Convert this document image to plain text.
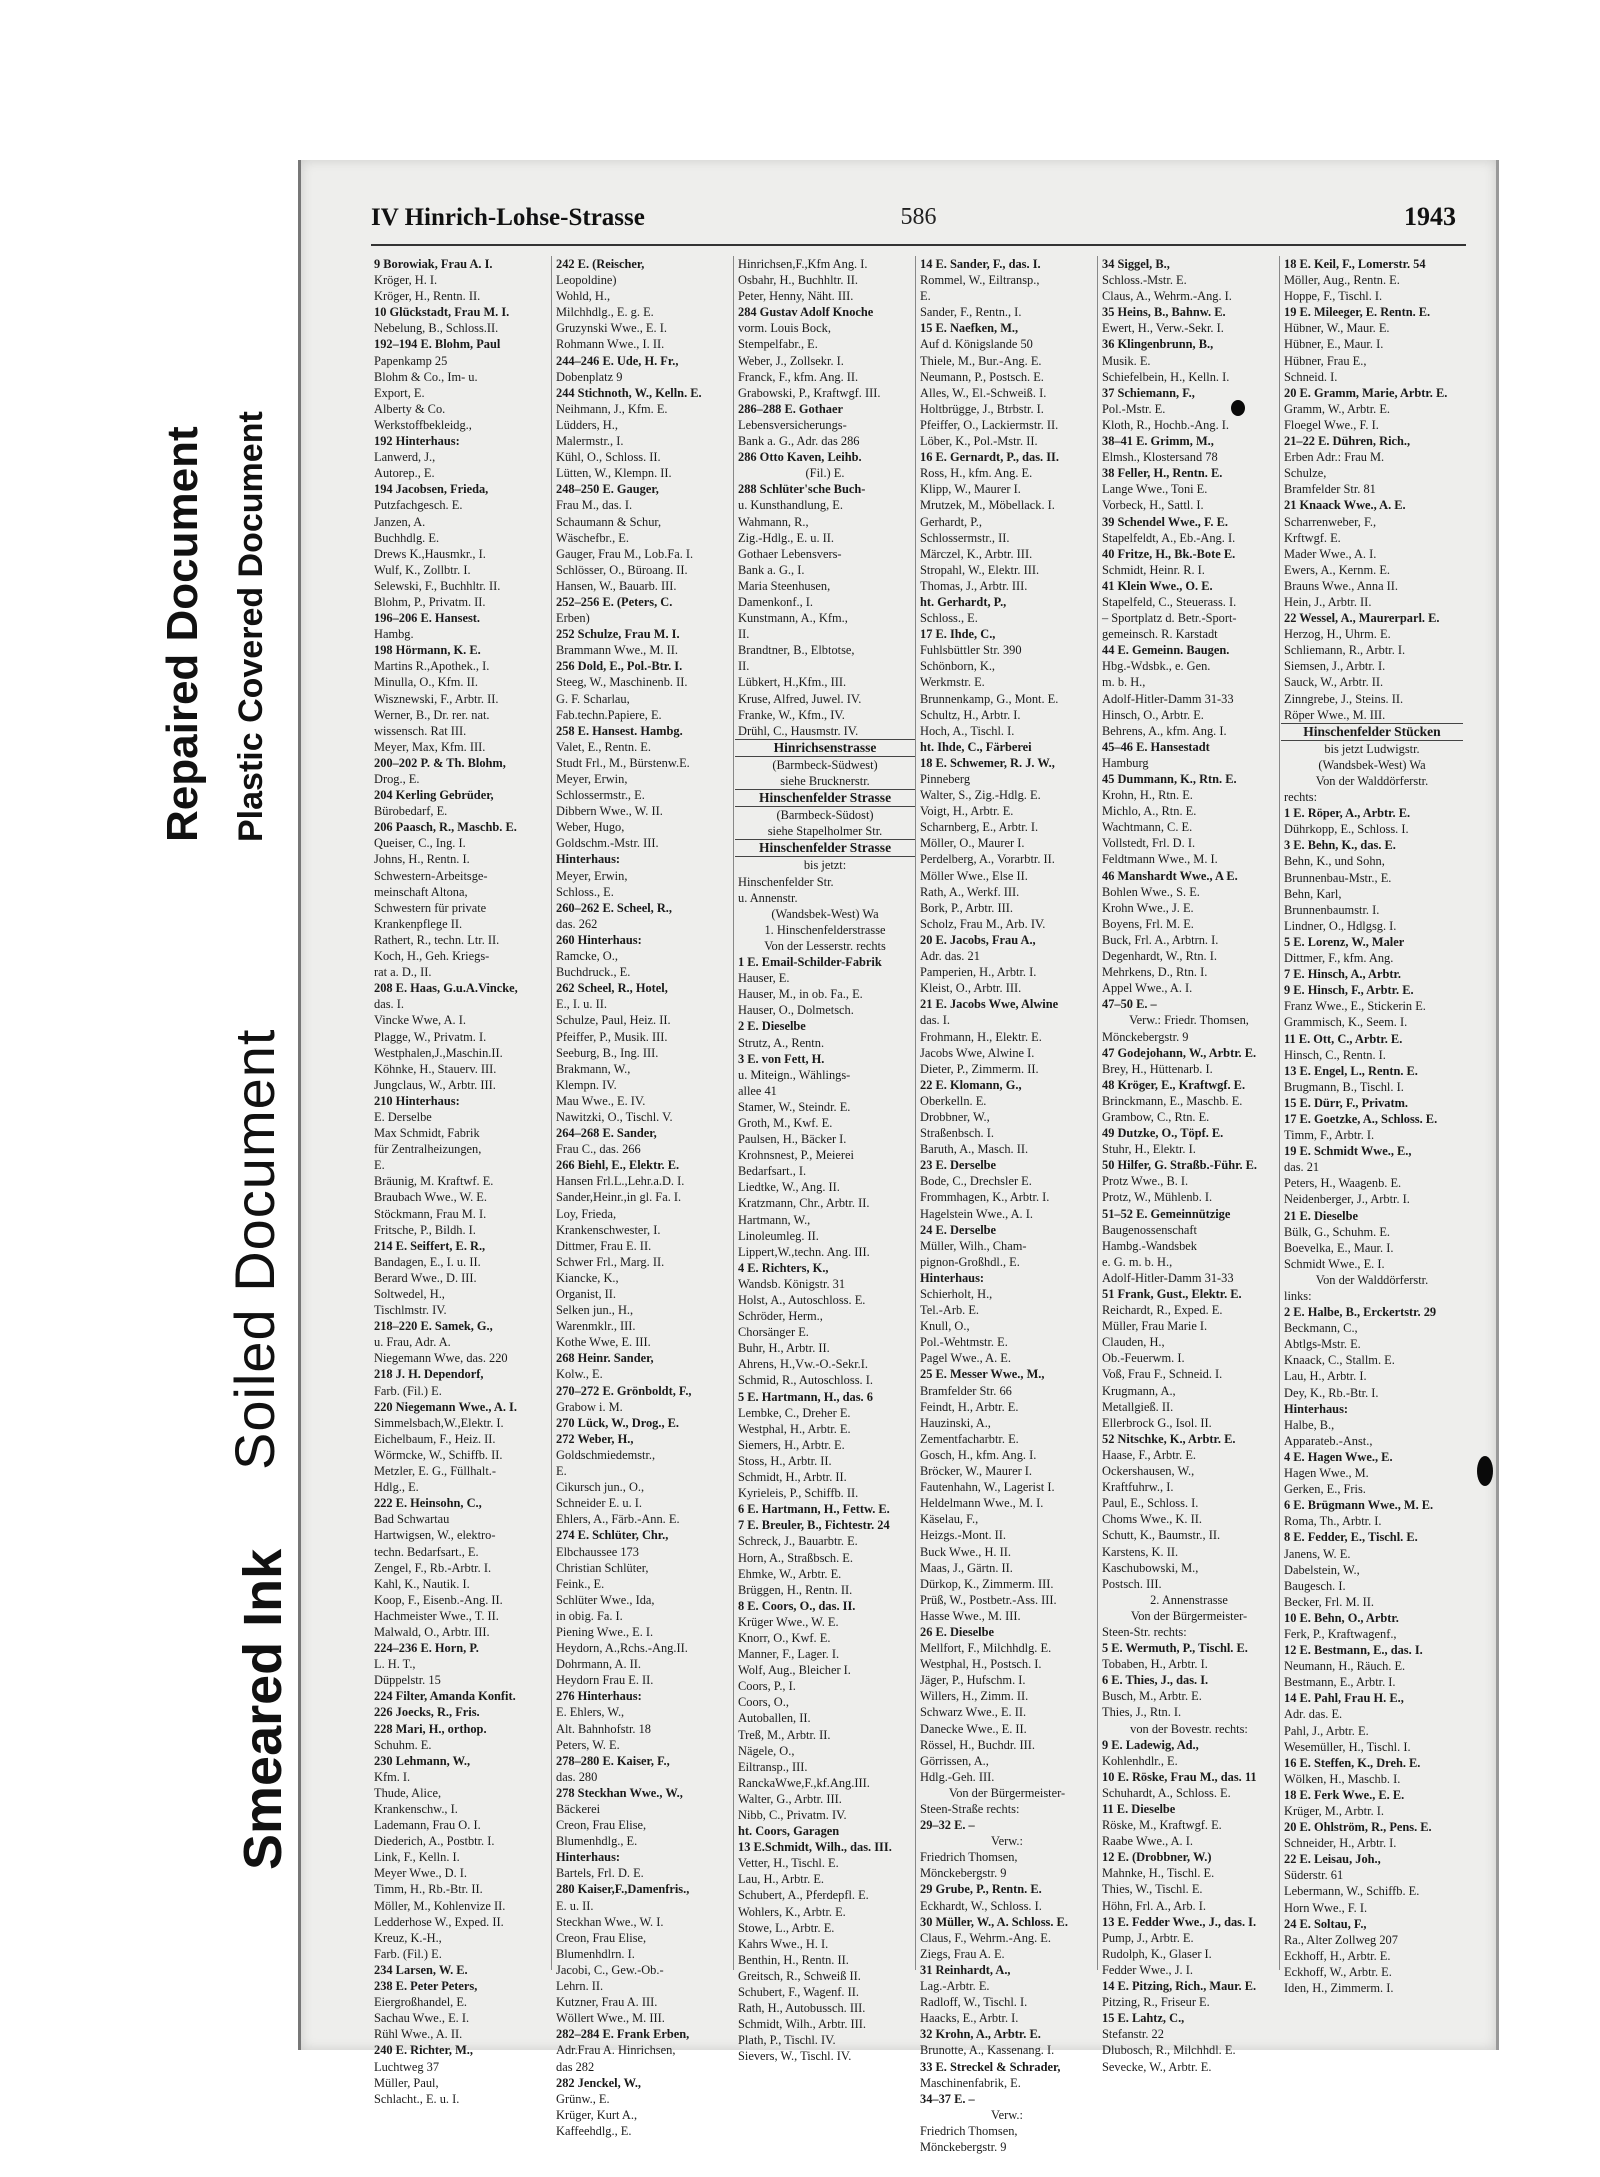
Repaired Document Plastic Covered Document
Soiled Document
Smeared Ink
IV Hinrich-Lohse-Strasse	586	1943
9 Borowiak, Frau A. I.
Kröger, H. I.
Kröger, H., Rentn. II.
10 Glückstadt, Frau M. I.
Nebelung, B., Schloss.II.
192–194 E. Blohm, Paul
Papenkamp 25
Blohm & Co., Im- u.
Export, E.
Alberty & Co.
Werkstoffbekleidg.,
192 Hinterhaus:
Lanwerd, J.,
Autorep., E.
194 Jacobsen, Frieda,
Putzfachgesch. E.
Janzen, A.
Buchhdlg. E.
Drews K.,Hausmkr., I.
Wulf, K., Zollbtr. I.
Selewski, F., Buchhltr. II.
Blohm, P., Privatm. II.
196–206 E. Hansest.
Hambg.
198 Hörmann, K. E.
Martins R.,Apothek., I.
Minulla, O., Kfm. II.
Wisznewski, F., Arbtr. II.
Werner, B., Dr. rer. nat.
wissensch. Rat III.
Meyer, Max, Kfm. III.
200–202 P. & Th. Blohm,
Drog., E.
204 Kerling Gebrüder,
Bürobedarf, E.
206 Paasch, R., Maschb. E.
Queiser, C., Ing. I.
Johns, H., Rentn. I.
Schwestern-Arbeitsge-
meinschaft Altona,
Schwestern für private
Krankenpflege II.
Rathert, R., techn. Ltr. II.
Koch, H., Geh. Kriegs-
rat a. D., II.
208 E. Haas, G.u.A.Vincke,
das. I.
Vincke Wwe, A. I.
Plagge, W., Privatm. I.
Westphalen,J.,Maschin.II.
Köhnke, H., Stauerv. III.
Jungclaus, W., Arbtr. III.
210 Hinterhaus:
E. Derselbe
Max Schmidt, Fabrik
für Zentralheizungen,
E.
Bräunig, M. Kraftwf. E.
Braubach Wwe., W. E.
Stöckmann, Frau M. I.
Fritsche, P., Bildh. I.
214 E. Seiffert, E. R.,
Bandagen, E., I. u. II.
Berard Wwe., D. III.
Soltwedel, H.,
Tischlmstr. IV.
218–220 E. Samek, G.,
u. Frau, Adr. A.
Niegemann Wwe, das. 220
218 J. H. Dependorf,
Farb. (Fil.) E.
220 Niegemann Wwe., A. I.
Simmelsbach,W.,Elektr. I.
Eichelbaum, F., Heiz. II.
Wörmcke, W., Schiffb. II.
Metzler, E. G., Füllhalt.-
Hdlg., E.
222 E. Heinsohn, C.,
Bad Schwartau
Hartwigsen, W., elektro-
techn. Bedarfsart., E.
Zengel, F., Rb.-Arbtr. I.
Kahl, K., Nautik. I.
Koop, F., Eisenb.-Ang. II.
Hachmeister Wwe., T. II.
Malwald, O., Arbtr. III.
224–236 E. Horn, P.
L. H. T.,
Düppelstr. 15
224 Filter, Amanda Konfit.
226 Joecks, R., Fris.
228 Mari, H., orthop.
Schuhm. E.
230 Lehmann, W.,
Kfm. I.
Thude, Alice,
Krankenschw., I.
Lademann, Frau O. I.
Diederich, A., Postbtr. I.
Link, F., Kelln. I.
Meyer Wwe., D. I.
Timm, H., Rb.-Btr. II.
Möller, M., Kohlenvize II.
Ledderhose W., Exped. II.
Kreuz, K.-H.,
Farb. (Fil.) E.
234 Larsen, W. E.
238 E. Peter Peters,
Eiergroßhandel, E.
Sachau Wwe., E. I.
Rühl Wwe., A. II.
240 E. Richter, M.,
Luchtweg 37
Müller, Paul,
Schlacht., E. u. I.
242 E. (Reischer,
Leopoldine)
Wohld, H.,
Milchhdlg., E. g. E.
Gruzynski Wwe., E. I.
Rohmann Wwe., I. II.
244–246 E. Ude, H. Fr.,
Dobenplatz 9
244 Stichnoth, W., Kelln. E.
Neihmann, J., Kfm. E.
Lüdders, H.,
Malermstr., I.
Kühl, O., Schloss. II.
Lütten, W., Klempn. II.
248–250 E. Gauger,
Frau M., das. I.
Schaumann & Schur,
Wäschefbr., E.
Gauger, Frau M., Lob.Fa. I.
Schlösser, O., Büroang. II.
Hansen, W., Bauarb. III.
252–256 E. (Peters, C.
Erben)
252 Schulze, Frau M. I.
Brammann Wwe., M. II.
256 Dold, E., Pol.-Btr. I.
Steeg, W., Maschinenb. II.
G. F. Scharlau,
Fab.techn.Papiere, E.
258 E. Hansest. Hambg.
Valet, E., Rentn. E.
Studt Frl., M., Bürstenw.E.
Meyer, Erwin,
Schlossermstr., E.
Dibbern Wwe., W. II.
Weber, Hugo,
Goldschm.-Mstr. III.
Hinterhaus:
Meyer, Erwin,
Schloss., E.
260–262 E. Scheel, R.,
das. 262
260 Hinterhaus:
Ramcke, O.,
Buchdruck., E.
262 Scheel, R., Hotel,
E., I. u. II.
Schulze, Paul, Heiz. II.
Pfeiffer, P., Musik. III.
Seeburg, B., Ing. III.
Brakmann, W.,
Klempn. IV.
Mau Wwe., E. IV.
Nawitzki, O., Tischl. V.
264–268 E. Sander,
Frau C., das. 266
266 Biehl, E., Elektr. E.
Hansen Frl.L.,Lehr.a.D. I.
Sander,Heinr.,in gl. Fa. I.
Loy, Frieda,
Krankenschwester, I.
Dittmer, Frau E. II.
Schwer Frl., Marg. II.
Kiancke, K.,
Organist, II.
Selken jun., H.,
Warenmklr., III.
Kothe Wwe, E. III.
268 Heinr. Sander,
Kolw., E.
270–272 E. Grönboldt, F.,
Grabow i. M.
270 Lück, W., Drog., E.
272 Weber, H.,
Goldschmiedemstr.,
E.
Cikursch jun., O.,
Schneider E. u. I.
Ehlers, A., Färb.-Ann. E.
274 E. Schlüter, Chr.,
Elbchaussee 173
Christian Schlüter,
Feink., E.
Schlüter Wwe., Ida,
in obig. Fa. I.
Piening Wwe., E. I.
Heydorn, A.,Rchs.-Ang.II.
Dohrmann, A. II.
Heydorn Frau E. II.
276 Hinterhaus:
E. Ehlers, W.,
Alt. Bahnhofstr. 18
Peters, W. E.
278–280 E. Kaiser, F.,
das. 280
278 Steckhan Wwe., W.,
Bäckerei
Creon, Frau Elise,
Blumenhdlg., E.
Hinterhaus:
Bartels, Frl. D. E.
280 Kaiser,F.,Damenfris.,
E. u. II.
Steckhan Wwe., W. I.
Creon, Frau Elise,
Blumenhdlrn. I.
Jacobi, C., Gew.-Ob.-
Lehrn. II.
Kutzner, Frau A. III.
Wöllert Wwe., M. III.
282–284 E. Frank Erben,
Adr.Frau A. Hinrichsen,
das 282
282 Jenckel, W.,
Grünw., E.
Krüger, Kurt A.,
Kaffeehdlg., E.
Hinrichsen,F.,Kfm Ang. I.
Osbahr, H., Buchhltr. II.
Peter, Henny, Näht. III.
284 Gustav Adolf Knoche
vorm. Louis Bock,
Stempelfabr., E.
Weber, J., Zollsekr. I.
Franck, F., kfm. Ang. II.
Grabowski, P., Kraftwgf. III.
286–288 E. Gothaer
Lebensversicherungs-
Bank a. G., Adr. das 286
286 Otto Kaven, Leihb.
(Fil.) E.
288 Schlüter'sche Buch-
u. Kunsthandlung, E.
Wahmann, R.,
Zig.-Hdlg., E. u. II.
Gothaer Lebensvers-
Bank a. G., I.
Maria Steenhusen,
Damenkonf., I.
Kunstmann, A., Kfm.,
II.
Brandtner, B., Elbtotse,
II.
Lübkert, H.,Kfm., III.
Kruse, Alfred, Juwel. IV.
Franke, W., Kfm., IV.
Drühl, C., Hausmstr. IV.
Hinrichsenstrasse
(Barmbeck-Südwest)
siehe Brucknerstr.
Hinschenfelder Strasse
(Barmbeck-Südost)
siehe Stapelholmer Str.
Hinschenfelder Strasse
bis jetzt:
Hinschenfelder Str.
u. Annenstr.
(Wandsbek-West) Wa
1. Hinschenfelderstrasse
Von der Lesserstr. rechts
1 E. Email-Schilder-Fabrik
Hauser, E.
Hauser, M., in ob. Fa., E.
Hauser, O., Dolmetsch.
2 E. Dieselbe
Strutz, A., Rentn.
3 E. von Fett, H.
u. Miteign., Wählings-
allee 41
Stamer, W., Steindr. E.
Groth, M., Kwf. E.
Paulsen, H., Bäcker I.
Krohnsnest, P., Meierei
Bedarfsart., I.
Liedtke, W., Ang. II.
Kratzmann, Chr., Arbtr. II.
Hartmann, W.,
Linoleumleg. II.
Lippert,W.,techn. Ang. III.
4 E. Richters, K.,
Wandsb. Königstr. 31
Holst, A., Autoschloss. E.
Schröder, Herm.,
Chorsänger E.
Buhr, H., Arbtr. II.
Ahrens, H.,Vw.-O.-Sekr.I.
Schmid, R., Autoschloss. I.
5 E. Hartmann, H., das. 6
Lembke, C., Dreher E.
Westphal, H., Arbtr. E.
Siemers, H., Arbtr. E.
Stoss, H., Arbtr. II.
Schmidt, H., Arbtr. II.
Kyrieleis, P., Schiffb. II.
6 E. Hartmann, H., Fettw. E.
7 E. Breuler, B., Fichtestr. 24
Schreck, J., Bauarbtr. E.
Horn, A., Straßbsch. E.
Ehmke, W., Arbtr. E.
Brüggen, H., Rentn. II.
8 E. Coors, O., das. II.
Krüger Wwe., W. E.
Knorr, O., Kwf. E.
Manner, F., Lager. I.
Wolf, Aug., Bleicher I.
Coors, P., I.
Coors, O.,
Autoballen, II.
Treß, M., Arbtr. II.
Nägele, O.,
Eiltransp., III.
RanckaWwe,F.,kf.Ang.III.
Walter, G., Arbtr. III.
Nibb, C., Privatm. IV.
ht. Coors, Garagen
13 E.Schmidt, Wilh., das. III.
Vetter, H., Tischl. E.
Lau, H., Arbtr. E.
Schubert, A., Pferdepfl. E.
Wohlers, K., Arbtr. E.
Stowe, L., Arbtr. E.
Kahrs Wwe., H. I.
Benthin, H., Rentn. II.
Greitsch, R., Schweiß II.
Schubert, F., Wagenf. II.
Rath, H., Autobussch. III.
Schmidt, Wilh., Arbtr. III.
Plath, P., Tischl. IV.
Sievers, W., Tischl. IV.
14 E. Sander, F., das. I.
Rommel, W., Eiltransp.,
E.
Sander, F., Rentn., I.
15 E. Naefken, M.,
Auf d. Königslande 50
Thiele, M., Bur.-Ang. E.
Neumann, P., Postsch. E.
Alles, W., El.-Schweiß. I.
Holtbrügge, J., Btrbstr. I.
Pfeiffer, O., Lackiermstr. II.
Löber, K., Pol.-Mstr. II.
16 E. Gernardt, P., das. II.
Ross, H., kfm. Ang. E.
Klipp, W., Maurer I.
Mrutzek, M., Möbellack. I.
Gerhardt, P.,
Schlossermstr., II.
Märczel, K., Arbtr. III.
Stropahl, W., Elektr. III.
Thomas, J., Arbtr. III.
ht. Gerhardt, P.,
Schloss., E.
17 E. Ihde, C.,
Fuhlsbüttler Str. 390
Schönborn, K.,
Werkmstr. E.
Brunnenkamp, G., Mont. E.
Schultz, H., Arbtr. I.
Hoch, A., Tischl. I.
ht. Ihde, C., Färberei
18 E. Schwemer, R. J. W.,
Pinneberg
Walter, S., Zig.-Hdlg. E.
Voigt, H., Arbtr. E.
Scharnberg, E., Arbtr. I.
Möller, O., Maurer I.
Perdelberg, A., Vorarbtr. II.
Möller Wwe., Else II.
Rath, A., Werkf. III.
Bork, P., Arbtr. III.
Scholz, Frau M., Arb. IV.
20 E. Jacobs, Frau A.,
Adr. das. 21
Pamperien, H., Arbtr. I.
Kleist, O., Arbtr. III.
21 E. Jacobs Wwe, Alwine
das. I.
Frohmann, H., Elektr. E.
Jacobs Wwe, Alwine I.
Dieter, P., Zimmerm. II.
22 E. Klomann, G.,
Oberkelln. E.
Drobbner, W.,
Straßenbsch. I.
Baruth, A., Masch. II.
23 E. Derselbe
Bode, C., Drechsler E.
Frommhagen, K., Arbtr. I.
Hagelstein Wwe., A. I.
24 E. Derselbe
Müller, Wilh., Cham-
pignon-Großhdl., E.
Hinterhaus:
Schierholt, H.,
Tel.-Arb. E.
Knull, O.,
Pol.-Wehtmstr. E.
Pagel Wwe., A. E.
25 E. Messer Wwe., M.,
Bramfelder Str. 66
Feindt, H., Arbtr. E.
Hauzinski, A.,
Zementfacharbtr. E.
Gosch, H., kfm. Ang. I.
Bröcker, W., Maurer I.
Fautenhahn, W., Lagerist I.
Heldelmann Wwe., M. I.
Käselau, F.,
Heizgs.-Mont. II.
Buck Wwe., H. II.
Maas, J., Gärtn. II.
Dürkop, K., Zimmerm. III.
Prüß, W., Postbetr.-Ass. III.
Hasse Wwe., M. III.
26 E. Dieselbe
Mellfort, F., Milchhdlg. E.
Westphal, H., Postsch. I.
Jäger, P., Hufschm. I.
Willers, H., Zimm. II.
Schwarz Wwe., E. II.
Danecke Wwe., E. II.
Rössel, H., Buchdr. III.
Görrissen, A.,
Hdlg.-Geh. III.
Von der Bürgermeister-
Steen-Straße rechts:
29–32 E. –
Verw.:
Friedrich Thomsen,
Mönckebergstr. 9
29 Grube, P., Rentn. E.
Eckhardt, W., Schloss. I.
30 Müller, W., A. Schloss. E.
Claus, F., Wehrm.-Ang. E.
Ziegs, Frau A. E.
31 Reinhardt, A.,
Lag.-Arbtr. E.
Radloff, W., Tischl. I.
Haacks, E., Arbtr. I.
32 Krohn, A., Arbtr. E.
Brunotte, A., Kassenang. I.
33 E. Streckel & Schrader,
Maschinenfabrik, E.
34–37 E. –
Verw.:
Friedrich Thomsen,
Mönckebergstr. 9
34 Siggel, B.,
Schloss.-Mstr. E.
Claus, A., Wehrm.-Ang. I.
35 Heins, B., Bahnw. E.
Ewert, H., Verw.-Sekr. I.
36 Klingenbrunn, B.,
Musik. E.
Schiefelbein, H., Kelln. I.
37 Schiemann, F.,
Pol.-Mstr. E.
Kloth, R., Hochb.-Ang. I.
38–41 E. Grimm, M.,
Elmsh., Klostersand 78
38 Feller, H., Rentn. E.
Lange Wwe., Toni E.
Vorbeck, H., Sattl. I.
39 Schendel Wwe., F. E.
Stapelfeldt, A., Eb.-Ang. I.
40 Fritze, H., Bk.-Bote E.
Schmidt, Heinr. R. I.
41 Klein Wwe., O. E.
Stapelfeld, C., Steuerass. I.
– Sportplatz d. Betr.-Sport-
gemeinsch. R. Karstadt
44 E. Gemeinn. Baugen.
Hbg.-Wdsbk., e. Gen.
m. b. H.,
Adolf-Hitler-Damm 31-33
Hinsch, O., Arbtr. E.
Behrens, A., kfm. Ang. I.
45–46 E. Hansestadt
Hamburg
45 Dummann, K., Rtn. E.
Krohn, H., Rtn. E.
Michlo, A., Rtn. E.
Wachtmann, C. E.
Vollstedt, Frl. D. I.
Feldtmann Wwe., M. I.
46 Manshardt Wwe., A E.
Bohlen Wwe., S. E.
Krohn Wwe., J. E.
Boyens, Frl. M. E.
Buck, Frl. A., Arbtrn. I.
Degenhardt, W., Rtn. I.
Mehrkens, D., Rtn. I.
Appel Wwe., A. I.
47–50 E. –
Verw.: Friedr. Thomsen,
Mönckebergstr. 9
47 Godejohann, W., Arbtr. E.
Brey, H., Hüttenarb. I.
48 Kröger, E., Kraftwgf. E.
Brinckmann, E., Maschb. E.
Grambow, C., Rtn. E.
49 Dutzke, O., Töpf. E.
Stuhr, H., Elektr. I.
50 Hilfer, G. Straßb.-Führ. E.
Protz Wwe., B. I.
Protz, W., Mühlenb. I.
51–52 E. Gemeinnützige
Baugenossenschaft
Hambg.-Wandsbek
e. G. m. b. H.,
Adolf-Hitler-Damm 31-33
51 Frank, Gust., Elektr. E.
Reichardt, R., Exped. E.
Müller, Frau Marie I.
Clauden, H.,
Ob.-Feuerwm. I.
Voß, Frau F., Schneid. I.
Krugmann, A.,
Metallgieß. II.
Ellerbrock G., Isol. II.
52 Nitschke, K., Arbtr. E.
Haase, F., Arbtr. E.
Ockershausen, W.,
Kraftfuhrw., I.
Paul, E., Schloss. I.
Choms Wwe., K. II.
Schutt, K., Baumstr., II.
Karstens, K. II.
Kaschubowski, M.,
Postsch. III.
2. Annenstrasse
Von der Bürgermeister-
Steen-Str. rechts:
5 E. Wermuth, P., Tischl. E.
Tobaben, H., Arbtr. I.
6 E. Thies, J., das. I.
Busch, M., Arbtr. E.
Thies, J., Rtn. I.
von der Bovestr. rechts:
9 E. Ladewig, Ad.,
Kohlenhdlr., E.
10 E. Röske, Frau M., das. 11
Schuhardt, A., Schloss. E.
11 E. Dieselbe
Röske, M., Kraftwgf. E.
Raabe Wwe., A. I.
12 E. (Drobbner, W.)
Mahnke, H., Tischl. E.
Thies, W., Tischl. E.
Höhn, Frl. A., Arb. I.
13 E. Fedder Wwe., J., das. I.
Pump, J., Arbtr. E.
Rudolph, K., Glaser I.
Fedder Wwe., J. I.
14 E. Pitzing, Rich., Maur. E.
Pitzing, R., Friseur E.
15 E. Lahtz, C.,
Stefanstr. 22
Dlubosch, R., Milchhdl. E.
Sevecke, W., Arbtr. E.
18 E. Keil, F., Lomerstr. 54
Möller, Aug., Rentn. E.
Hoppe, F., Tischl. I.
19 E. Mileeger, E. Rentn. E.
Hübner, W., Maur. E.
Hübner, E., Maur. I.
Hübner, Frau E.,
Schneid. I.
20 E. Gramm, Marie, Arbtr. E.
Gramm, W., Arbtr. E.
Floegel Wwe., F. I.
21–22 E. Dühren, Rich.,
Erben Adr.: Frau M.
Schulze,
Bramfelder Str. 81
21 Knaack Wwe., A. E.
Scharrenweber, F.,
Krftwgf. E.
Mader Wwe., A. I.
Ewers, A., Kernm. E.
Brauns Wwe., Anna II.
Hein, J., Arbtr. II.
22 Wessel, A., Maurerparl. E.
Herzog, H., Uhrm. E.
Schliemann, R., Arbtr. I.
Siemsen, J., Arbtr. I.
Sauck, W., Arbtr. II.
Zinngrebe, J., Steins. II.
Röper Wwe., M. III.
Hinschenfelder Stücken
bis jetzt Ludwigstr.
(Wandsbek-West) Wa
Von der Walddörferstr.
rechts:
1 E. Röper, A., Arbtr. E.
Dührkopp, E., Schloss. I.
3 E. Behn, K., das. E.
Behn, K., und Sohn,
Brunnenbau-Mstr., E.
Behn, Karl,
Brunnenbaumstr. I.
Lindner, O., Hdlgsg. I.
5 E. Lorenz, W., Maler
Dittmer, F., kfm. Ang.
7 E. Hinsch, A., Arbtr.
9 E. Hinsch, F., Arbtr. E.
Franz Wwe., E., Stickerin E.
Grammisch, K., Seem. I.
11 E. Ott, C., Arbtr. E.
Hinsch, C., Rentn. I.
13 E. Engel, L., Rentn. E.
Brugmann, B., Tischl. I.
15 E. Dürr, F., Privatm.
17 E. Goetzke, A., Schloss. E.
Timm, F., Arbtr. I.
19 E. Schmidt Wwe., E.,
das. 21
Peters, H., Waagenb. E.
Neidenberger, J., Arbtr. I.
21 E. Dieselbe
Bülk, G., Schuhm. E.
Boevelka, E., Maur. I.
Schmidt Wwe., E. I.
Von der Walddörferstr.
links:
2 E. Halbe, B., Erckertstr. 29
Beckmann, C.,
Abtlgs-Mstr. E.
Knaack, C., Stallm. E.
Lau, H., Arbtr. I.
Dey, K., Rb.-Btr. I.
Hinterhaus:
Halbe, B.,
Apparateb.-Anst.,
4 E. Hagen Wwe., E.
Hagen Wwe., M.
Gerken, E., Fris.
6 E. Brügmann Wwe., M. E.
Roma, Th., Arbtr. I.
8 E. Fedder, E., Tischl. E.
Janens, W. E.
Dabelstein, W.,
Baugesch. I.
Becker, Frl. M. II.
10 E. Behn, O., Arbtr.
Ferk, P., Kraftwagenf.,
12 E. Bestmann, E., das. I.
Neumann, H., Räuch. E.
Bestmann, E., Arbtr. I.
14 E. Pahl, Frau H. E.,
Adr. das. E.
Pahl, J., Arbtr. E.
Wesemüller, H., Tischl. I.
16 E. Steffen, K., Dreh. E.
Wölken, H., Maschb. I.
18 E. Ferk Wwe., E. E.
Krüger, M., Arbtr. I.
20 E. Ohlström, R., Pens. E.
Schneider, H., Arbtr. I.
22 E. Leisau, Joh.,
Süderstr. 61
Lebermann, W., Schiffb. E.
Horn Wwe., F. I.
24 E. Soltau, F.,
Ra., Alter Zollweg 207
Eckhoff, H., Arbtr. E.
Eckhoff, W., Arbtr. E.
Iden, H., Zimmerm. I.
